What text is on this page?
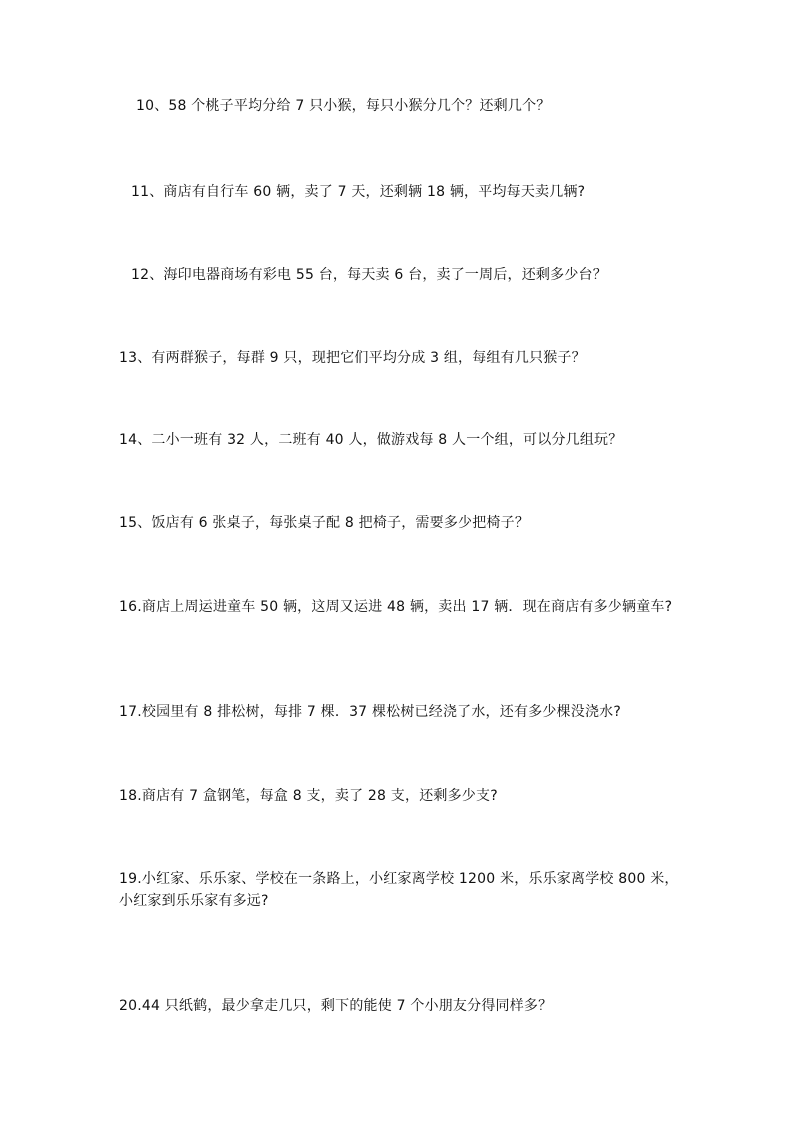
10、58 个桃子平均分给 7 只小猴，每只小猴分几个？还剩几个？
11、商店有自行车 60 辆，卖了 7 天，还剩辆 18 辆，平均每天卖几辆?
12、海印电器商场有彩电 55 台，每天卖 6 台，卖了一周后，还剩多少台？
13、有两群猴子，每群 9 只，现把它们平均分成 3 组，每组有几只猴子？
14、二小一班有 32 人，二班有 40 人，做游戏每 8 人一个组，可以分几组玩？
15、饭店有 6 张桌子，每张桌子配 8 把椅子，需要多少把椅子？
16.商店上周运进童车 50 辆，这周又运进 48 辆，卖出 17 辆．现在商店有多少辆童车?
17.校园里有 8 排松树，每排 7 棵．37 棵松树已经浇了水，还有多少棵没浇水?
18.商店有 7 盒钢笔，每盒 8 支，卖了 28 支，还剩多少支?
19.小红家、乐乐家、学校在一条路上，小红家离学校 1200 米，乐乐家离学校 800 米，小红家到乐乐家有多远?
20.44 只纸鹤，最少拿走几只，剩下的能使 7 个小朋友分得同样多？
